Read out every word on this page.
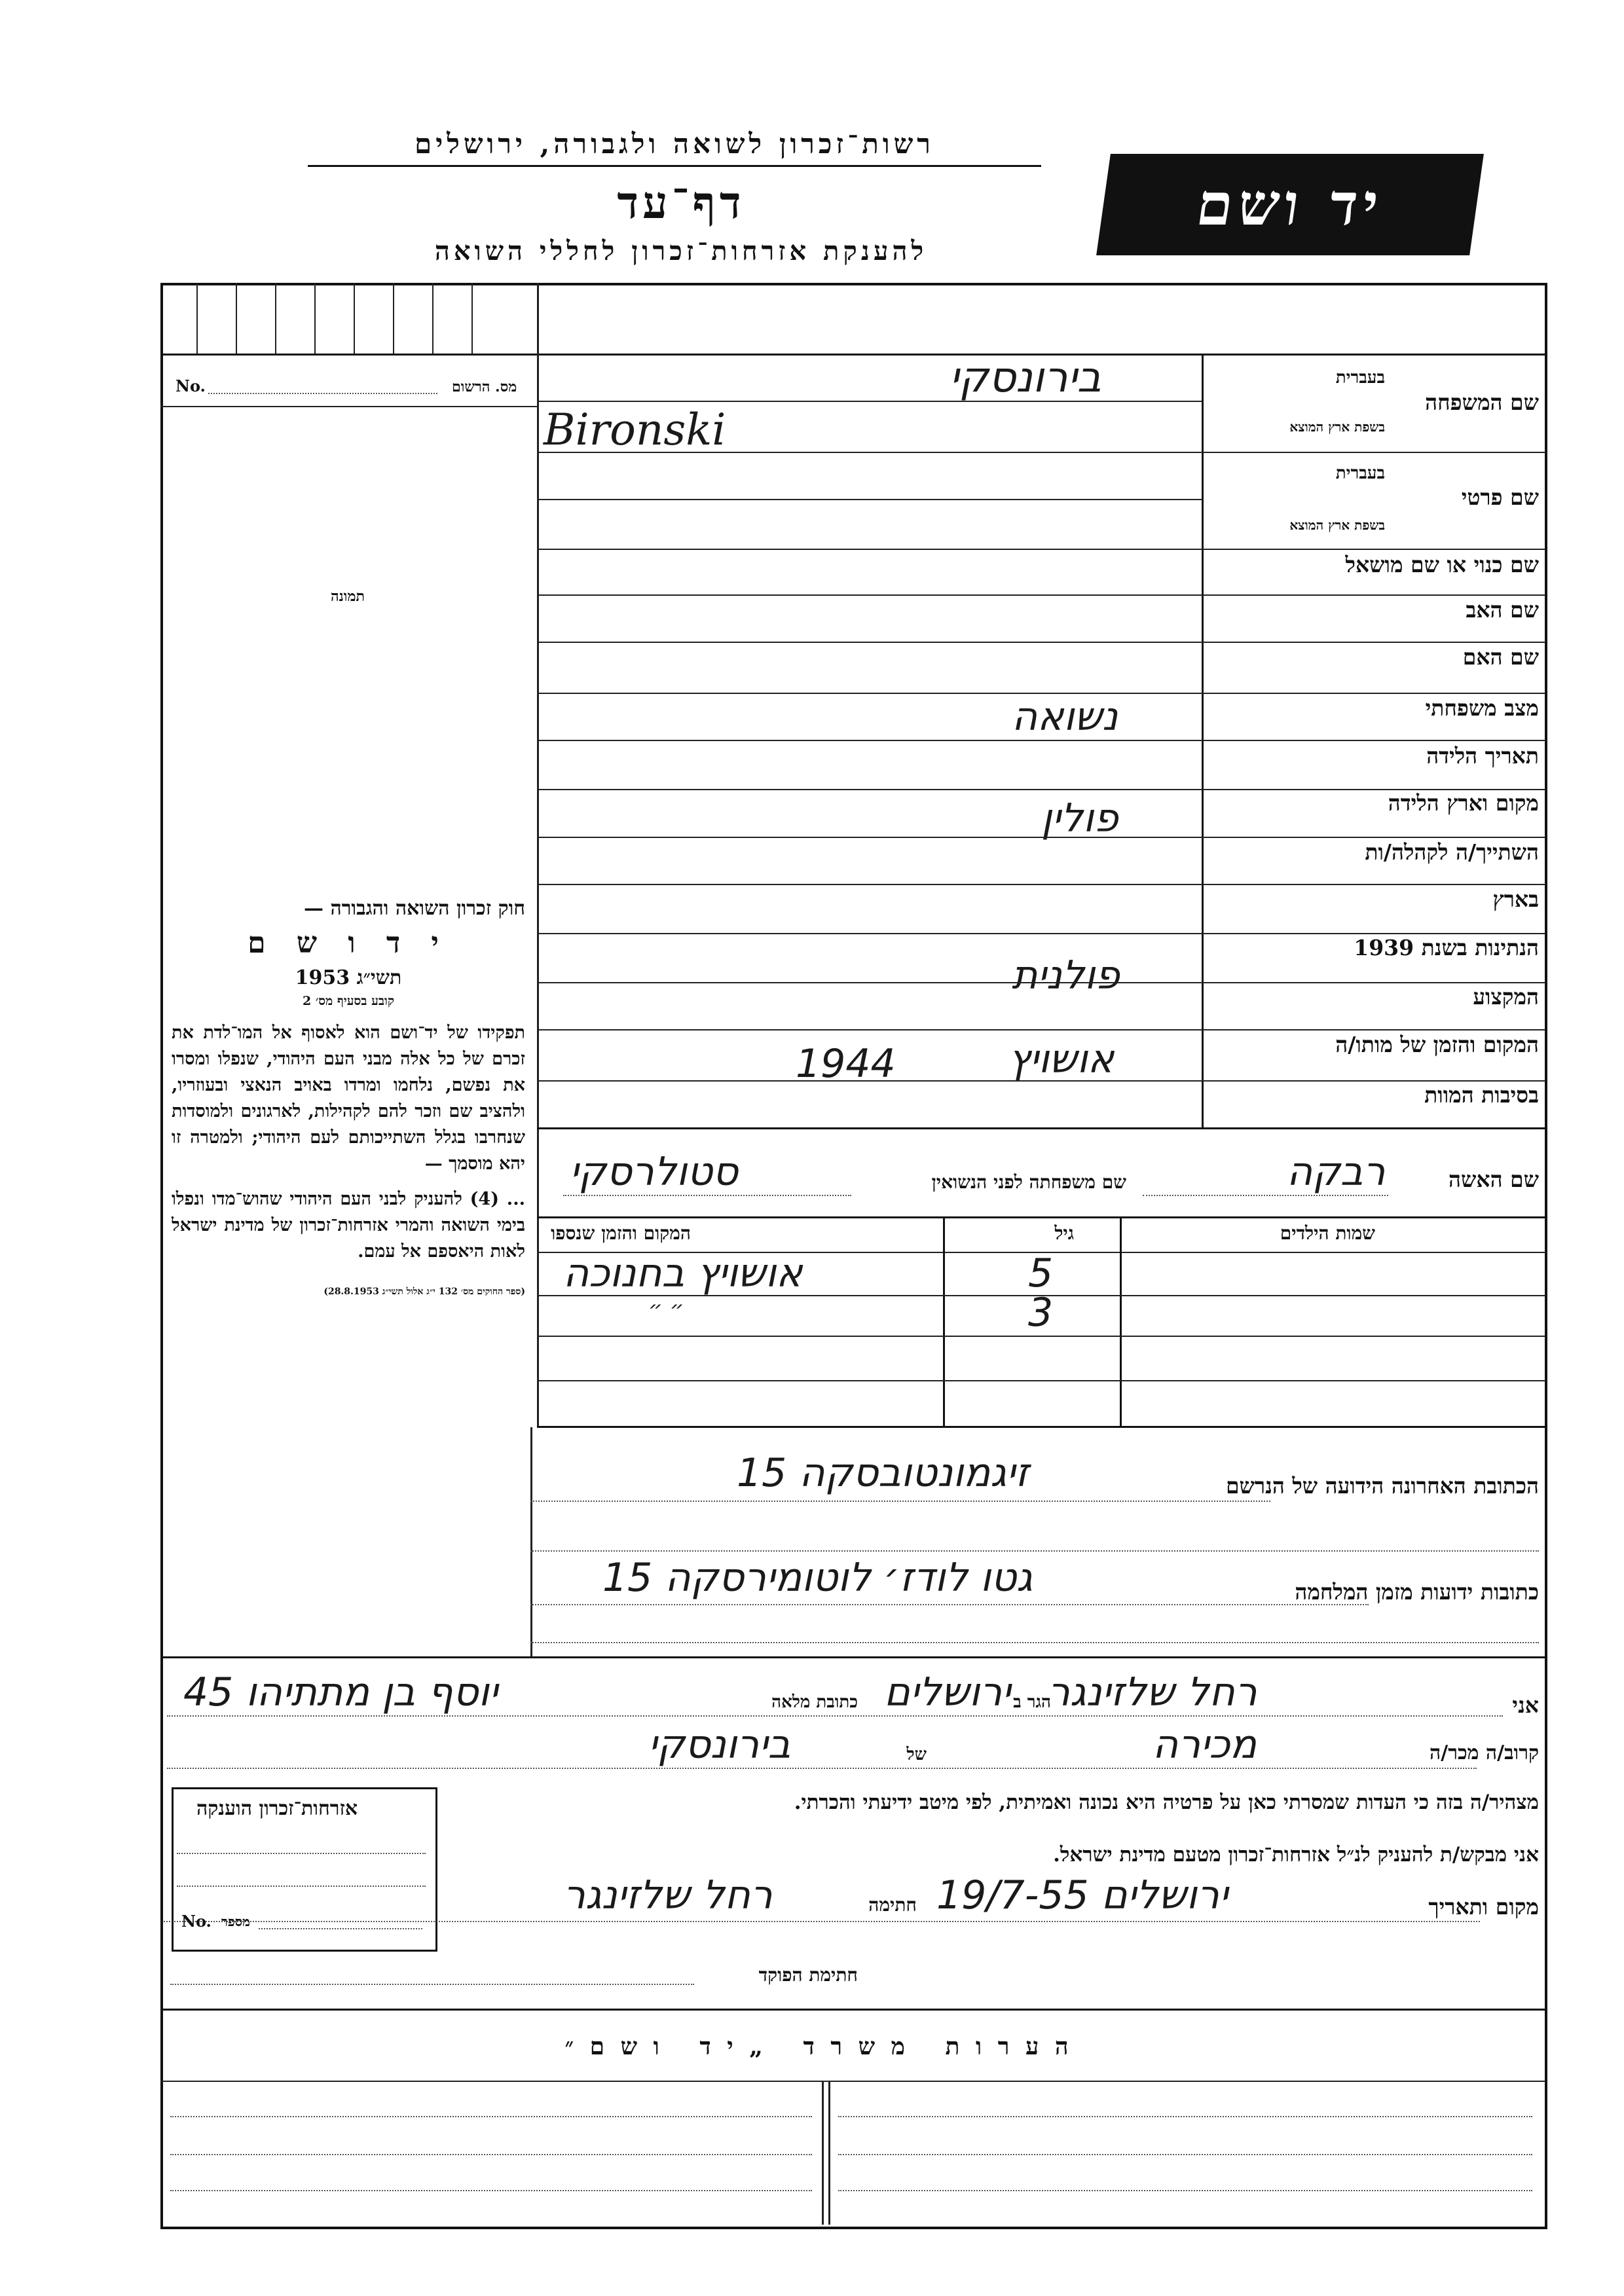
רשות־זכרון לשואה ולגבורה, ירושלים
דף־עד
להענקת אזרחות־זכרון לחללי השואה
יד ושם
No.	מס. הרשום
תמונה
חוק זכרון השואה והגבורה —
י ד ו ש ם
תשי״ג 1953
קובע בסעיף מס׳ 2
תפקידו של יד־ושם הוא לאסוף אל המו־לדת את זכרם של כל אלה מבני העם היהודי, שנפלו ומסרו את נפשם, נלחמו ומרדו באויב הנאצי ובעוזריו, ולהציב שם וזכר להם לקהילות, לארגונים ולמוסדות שנחרבו בגלל השתייכותם לעם היהודי; ולמטרה זו יהא מוסמך —
... (4) להעניק לבני העם היהודי שהוש־מדו ונפלו בימי השואה והמרי אזרחות־זכרון של מדינת ישראל לאות היאספם אל עמם.
(ספר החוקים מס׳ 132 י״ג אלול תשי״ג 28.8.1953)
שם המשפחה
בעברית
בשפת ארץ המוצא
בירונסקי
Bironski
שם פרטי
בעברית
בשפת ארץ המוצא
שם כנוי או שם מושאל
שם האב
שם האם
מצב משפחתי
נשואה
תאריך הלידה
מקום וארץ הלידה
פולין
השתייך/ה לקהלה/ות
בארץ
הנתינות בשנת 1939
פולנית	המקצוע
המקום והזמן של מותו/ה
אושויץ
1944
בסיבות המוות
שם האשה
רבקה
שם משפחתה לפני הנשואין
סטולרסקי
שמות הילדים
גיל
המקום והזמן שנספו
5
אושויץ בחנוכה
3
״ ״
הכתובת האחרונה הידועה של הנרשם
זיגמונטובסקה 15
כתובות ידועות מזמן המלחמה
גטו לודז׳ לוטומירסקה 15
אני
רחל שלזינגר
הגר ב
ירושלים
כתובת מלאה
יוסף בן מתתיהו 45
קרוב/ה מכר/ה
מכירה
של
בירונסקי
מצהיר/ה בזה כי העדות שמסרתי כאן על פרטיה היא נכונה ואמיתית, לפי מיטב ידיעתי והכרתי.
אני מבקש/ת להעניק לנ״ל אזרחות־זכרון מטעם מדינת ישראל.
מקום ותאריך
ירושלים 19/7-55
חתימה
רחל שלזינגר
אזרחות־זכרון הוענקה
No. מספר
חתימת הפוקד
ה ע ר ו ת   מ ש ר ד   „ י ד   ו ש ם ״
